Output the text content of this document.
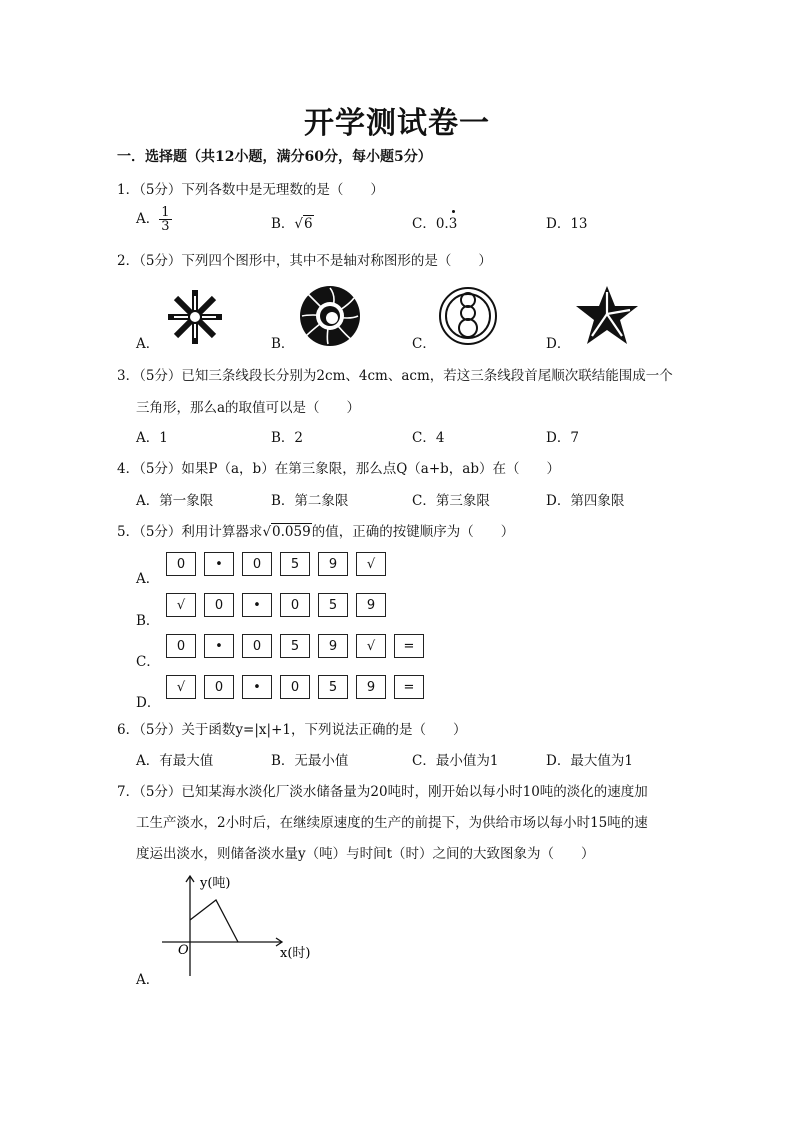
开学测试卷一
一．选择题（共12小题，满分60分，每小题5分）
1．（5分）下列各数中是无理数的是（　　）
A． $\frac{1}{3}$	B．√6	C．0.3	D．13
2．（5分）下列四个图形中，其中不是轴对称图形的是（　　）
A．	B．	C．	D．
3．（5分）已知三条线段长分别为2cm、4cm、acm，若这三条线段首尾顺次联结能围成一个
三角形，那么a的取值可以是（　　）
A．1	B．2	C．4	D．7
4．（5分）如果P（a，b）在第三象限，那么点Q（a+b，ab）在（　　）
A．第一象限	B．第二象限	C．第三象限	D．第四象限
5．（5分）利用计算器求√0.059的值，正确的按键顺序为（　　）
A．
0	•	0	5	9	√
B．
√	0	•	0	5	9
C．
0	•	0	5	9	√	=
D．
√	0	•	0	5	9	=
6．（5分）关于函数y=|x|+1，下列说法正确的是（　　）
A．有最大值	B．无最小值	C．最小值为1	D．最大值为1
7．（5分）已知某海水淡化厂淡水储备量为20吨时，刚开始以每小时10吨的淡化的速度加
工生产淡水，2小时后，在继续原速度的生产的前提下，为供给市场以每小时15吨的速
度运出淡水，则储备淡水量y（吨）与时间t（时）之间的大致图象为（　　）
y(吨)
x(时)
O
A．
